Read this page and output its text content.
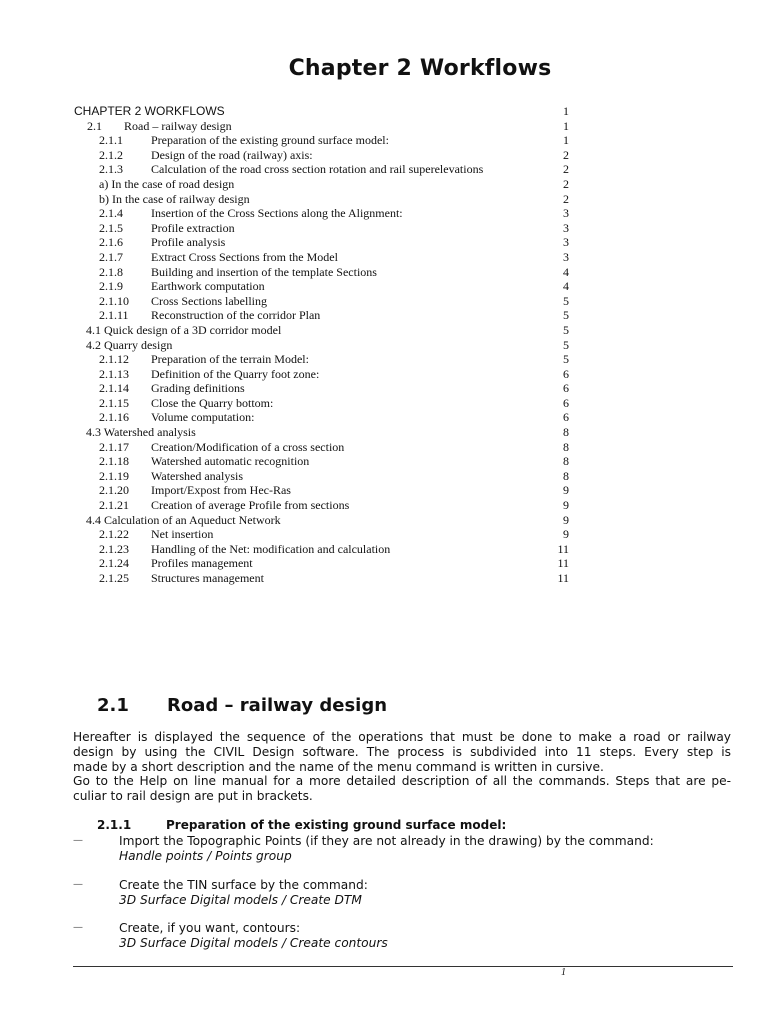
Chapter 2 Workflows
CHAPTER 2 WORKFLOWS	1
2.1 Road – railway design	1
2.1.1 Preparation of the existing ground surface model:	1
2.1.2 Design of the road (railway) axis:	2
2.1.3 Calculation of the road cross section rotation and rail superelevations	2
a) In the case of road design	2
b) In the case of railway design	2
2.1.4 Insertion of the Cross Sections along the Alignment:	3
2.1.5 Profile extraction	3
2.1.6 Profile analysis	3
2.1.7 Extract Cross Sections from the Model	3
2.1.8 Building and insertion of the template Sections	4
2.1.9 Earthwork computation	4
2.1.10 Cross Sections labelling	5
2.1.11 Reconstruction of the corridor Plan	5
4.1 Quick design of a 3D corridor model	5
4.2 Quarry design	5
2.1.12 Preparation of the terrain Model:	5
2.1.13 Definition of the Quarry foot zone:	6
2.1.14 Grading definitions	6
2.1.15 Close the Quarry bottom:	6
2.1.16 Volume computation:	6
4.3 Watershed analysis	8
2.1.17 Creation/Modification of a cross section	8
2.1.18 Watershed automatic recognition	8
2.1.19 Watershed analysis	8
2.1.20 Import/Expost from Hec-Ras	9
2.1.21 Creation of average Profile from sections	9
4.4 Calculation of an Aqueduct Network	9
2.1.22 Net insertion	9
2.1.23 Handling of the Net: modification and calculation	11
2.1.24 Profiles management	11
2.1.25 Structures management	11
2.1 Road – railway design

Hereafter is displayed the sequence of the operations that must be done to make a road or railway

design by using the CIVIL Design software. The process is subdivided into 11 steps. Every step is

made by a short description and the name of the menu command is written in cursive.

Go to the Help on line manual for a more detailed description of all the commands. Steps that are pe-

culiar to rail design are put in brackets.

2.1.1	Preparation of the existing ground surface model:
—	Import the Topographic Points (if they are not already in the drawing) by the command:
Handle points / Points group
—	Create the TIN surface by the command:
3D Surface Digital models / Create DTM
—	Create, if you want, contours:
3D Surface Digital models / Create contours
1
